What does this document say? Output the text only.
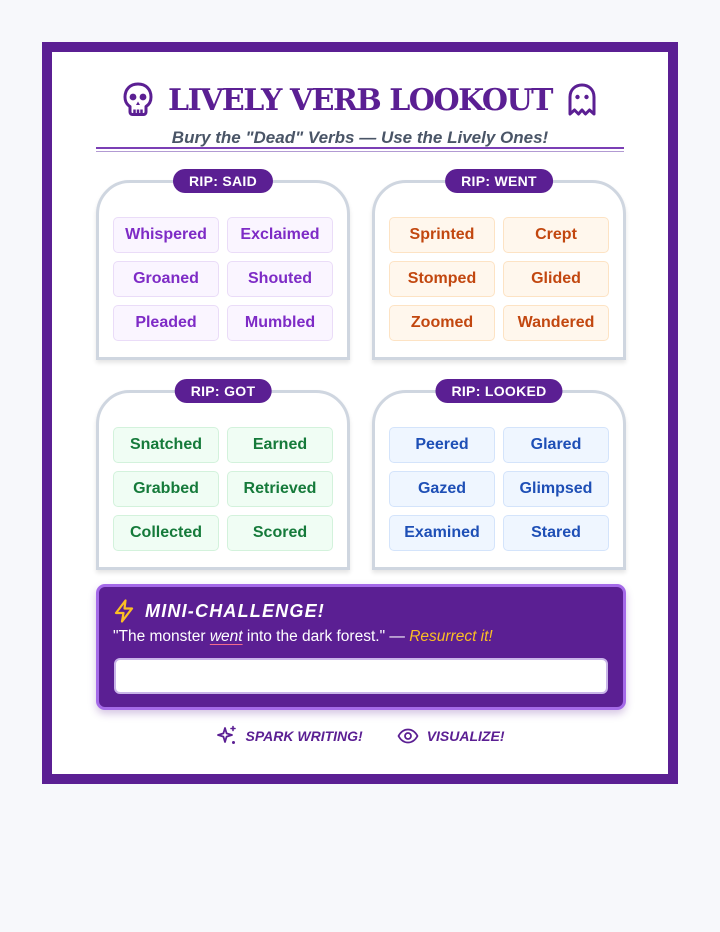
LIVELY VERB LOOKOUT
Bury the "Dead" Verbs — Use the Lively Ones!
RIP: SAID
Whispered	Exclaimed
Groaned	Shouted
Pleaded	Mumbled
RIP: WENT
Sprinted	Crept
Stomped	Glided
Zoomed	Wandered
RIP: GOT
Snatched	Earned
Grabbed	Retrieved
Collected	Scored
RIP: LOOKED
Peered	Glared
Gazed	Glimpsed
Examined	Stared
MINI-CHALLENGE!
"The monster went into the dark forest." — Resurrect it!
SPARK WRITING!	VISUALIZE!
